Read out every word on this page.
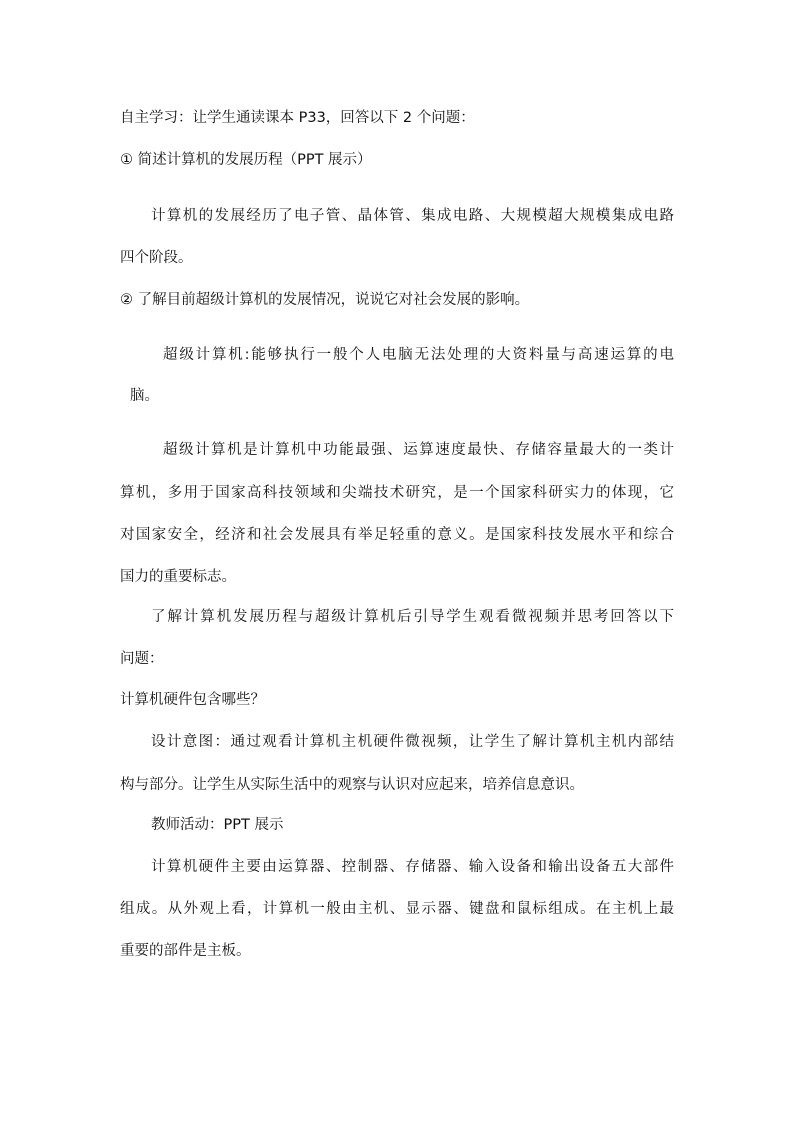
自主学习：让学生通读课本 P33，回答以下 2 个问题：
① 简述计算机的发展历程（PPT 展示）
计算机的发展经历了电子管、晶体管、集成电路、大规模超大规模集成电路
四个阶段。
② 了解目前超级计算机的发展情况，说说它对社会发展的影响。
超级计算机:能够执行一般个人电脑无法处理的大资料量与高速运算的电
脑。
超级计算机是计算机中功能最强、运算速度最快、存储容量最大的一类计
算机，多用于国家高科技领域和尖端技术研究，是一个国家科研实力的体现，它
对国家安全，经济和社会发展具有举足轻重的意义。是国家科技发展水平和综合
国力的重要标志。
了解计算机发展历程与超级计算机后引导学生观看微视频并思考回答以下
问题：
计算机硬件包含哪些？
设计意图：通过观看计算机主机硬件微视频，让学生了解计算机主机内部结
构与部分。让学生从实际生活中的观察与认识对应起来，培养信息意识。
教师活动：PPT 展示
计算机硬件主要由运算器、控制器、存储器、输入设备和输出设备五大部件
组成。从外观上看，计算机一般由主机、显示器、键盘和鼠标组成。在主机上最
重要的部件是主板。
